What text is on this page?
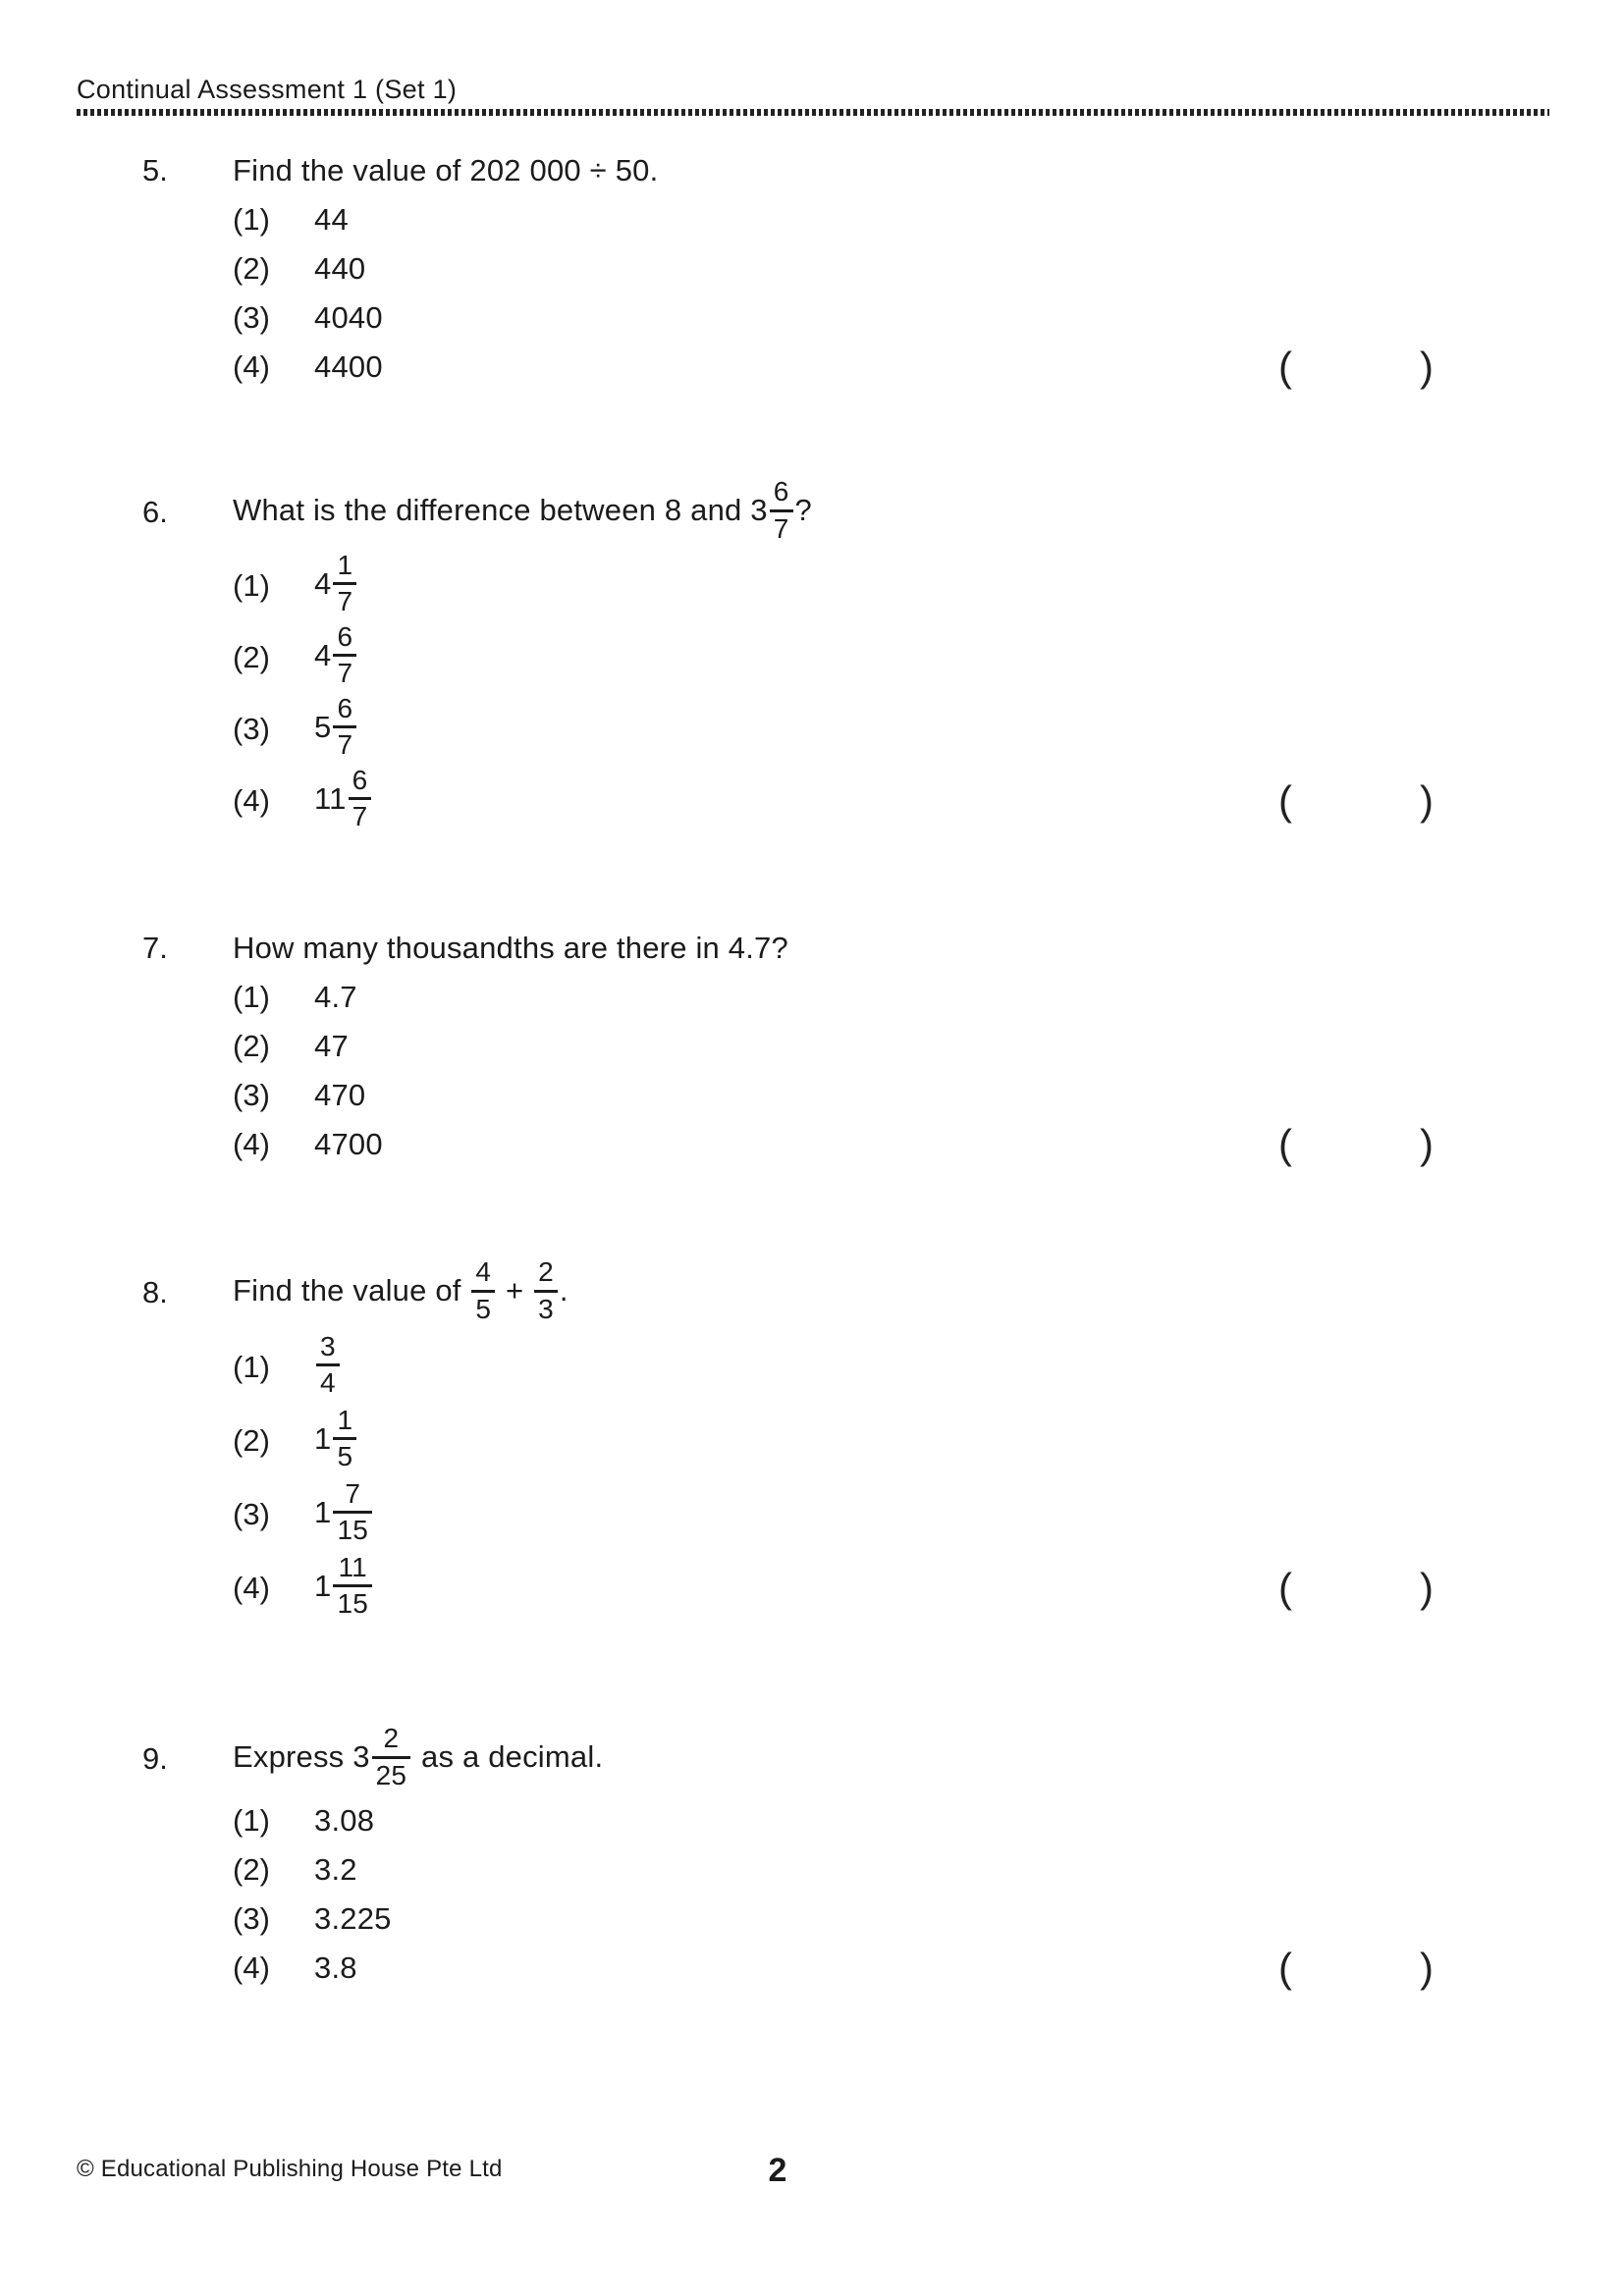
Continual Assessment 1 (Set 1)
5. Find the value of 202 000 ÷ 50.
(1) 44
(2) 440
(3) 4040
(4) 4400	(	)
6. What is the difference between 8 and $3 \frac{6}{7}$ ?
(1) $4 \frac{1}{7}$
(2) $4 \frac{6}{7}$
(3) $5 \frac{6}{7}$
(4) $11 \frac{6}{7}$	(	)
7. How many thousandths are there in 4.7?
(1) 4.7
(2) 47
(3) 470
(4) 4700	(	)
8. Find the value of $\frac{4}{5} + \frac{2}{3}$ .
$(1) \frac{3}{4}$
(2) $1 \frac{1}{5}$
(3) $1 \frac{7}{15}$
(4) $1 \frac{11}{15}$	(	)
9. Express $3 \frac{2}{25}$ as a decimal.
(1) 3.08
(2) 3.2
(3) 3.225
(4) 3.8	(	)
© Educational Publishing House Pte Ltd	2
